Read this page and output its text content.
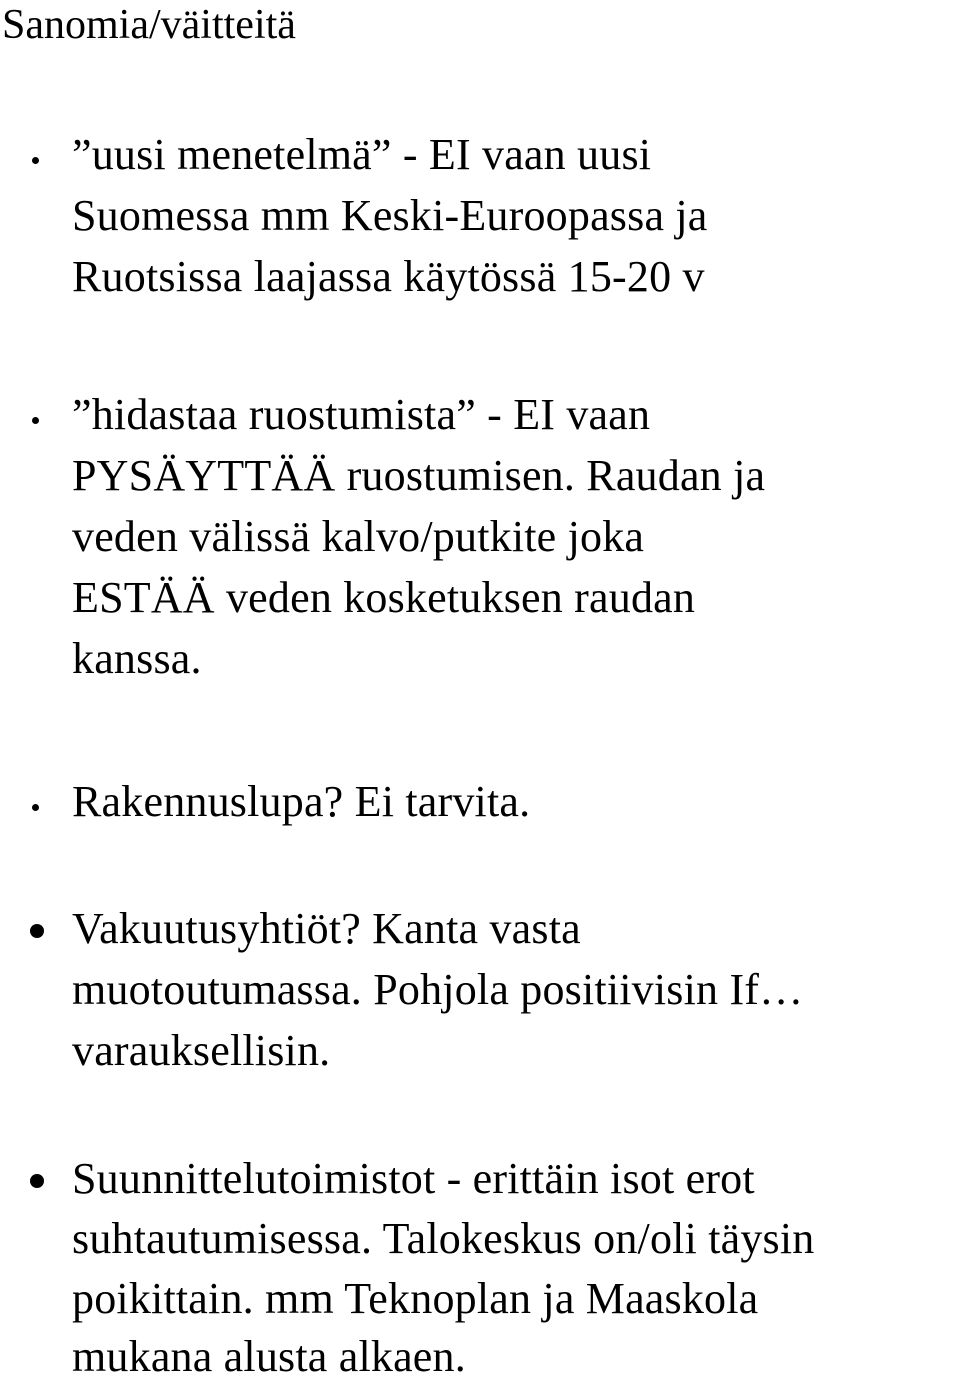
Sanomia/väitteitä
”uusi menetelmä” - EI vaan uusi
Suomessa mm Keski-Euroopassa ja
Ruotsissa laajassa käytössä 15-20 v
”hidastaa ruostumista” - EI vaan
PYSÄYTTÄÄ ruostumisen. Raudan ja
veden välissä kalvo/putkite joka
ESTÄÄ veden kosketuksen raudan
kanssa.
Rakennuslupa? Ei tarvita.
Vakuutusyhtiöt? Kanta vasta
muotoutumassa. Pohjola positiivisin If…
varauksellisin.
Suunnittelutoimistot - erittäin isot erot
suhtautumisessa. Talokeskus on/oli täysin
poikittain. mm Teknoplan ja Maaskola
mukana alusta alkaen.
